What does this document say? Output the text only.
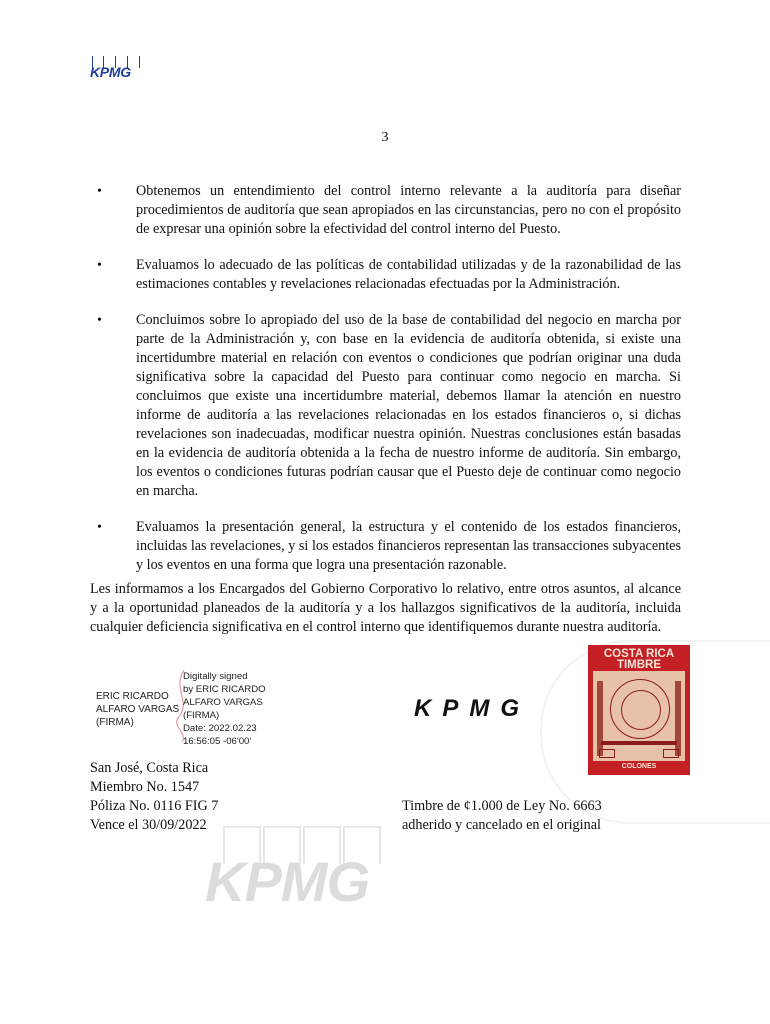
KPMG
3
• Obtenemos un entendimiento del control interno relevante a la auditoría para diseñar procedimientos de auditoría que sean apropiados en las circunstancias, pero no con el propósito de expresar una opinión sobre la efectividad del control interno del Puesto.
• Evaluamos lo adecuado de las políticas de contabilidad utilizadas y de la razonabilidad de las estimaciones contables y revelaciones relacionadas efectuadas por la Administración.
• Concluimos sobre lo apropiado del uso de la base de contabilidad del negocio en marcha por parte de la Administración y, con base en la evidencia de auditoría obtenida, si existe una incertidumbre material en relación con eventos o condiciones que podrían originar una duda significativa sobre la capacidad del Puesto para continuar como negocio en marcha. Si concluimos que existe una incertidumbre material, debemos llamar la atención en nuestro informe de auditoría a las revelaciones relacionadas en los estados financieros o, si dichas revelaciones son inadecuadas, modificar nuestra opinión. Nuestras conclusiones están basadas en la evidencia de auditoría obtenida a la fecha de nuestro informe de auditoría. Sin embargo, los eventos o condiciones futuras podrían causar que el Puesto deje de continuar como negocio en marcha.
• Evaluamos la presentación general, la estructura y el contenido de los estados financieros, incluidas las revelaciones, y si los estados financieros representan las transacciones subyacentes y los eventos en una forma que logra una presentación razonable.

Les informamos a los Encargados del Gobierno Corporativo lo relativo, entre otros asuntos, al alcance y a la oportunidad planeados de la auditoría y a los hallazgos significativos de la auditoría, incluida cualquier deficiencia significativa en el control interno que identifiquemos durante nuestra auditoría.

ERIC RICARDO ALFARO VARGAS (FIRMA)
Digitally signed
by ERIC RICARDO
ALFARO VARGAS
(FIRMA)
Date: 2022.02.23
16:56:05 -06'00'
KPMG
COSTA RICA
TIMBRE
COLONES
San José, Costa Rica
Miembro No. 1547
Póliza No. 0116 FIG 7
Vence el 30/09/2022
Timbre de ¢1.000 de Ley No. 6663
adherido y cancelado en el original
KPMG
